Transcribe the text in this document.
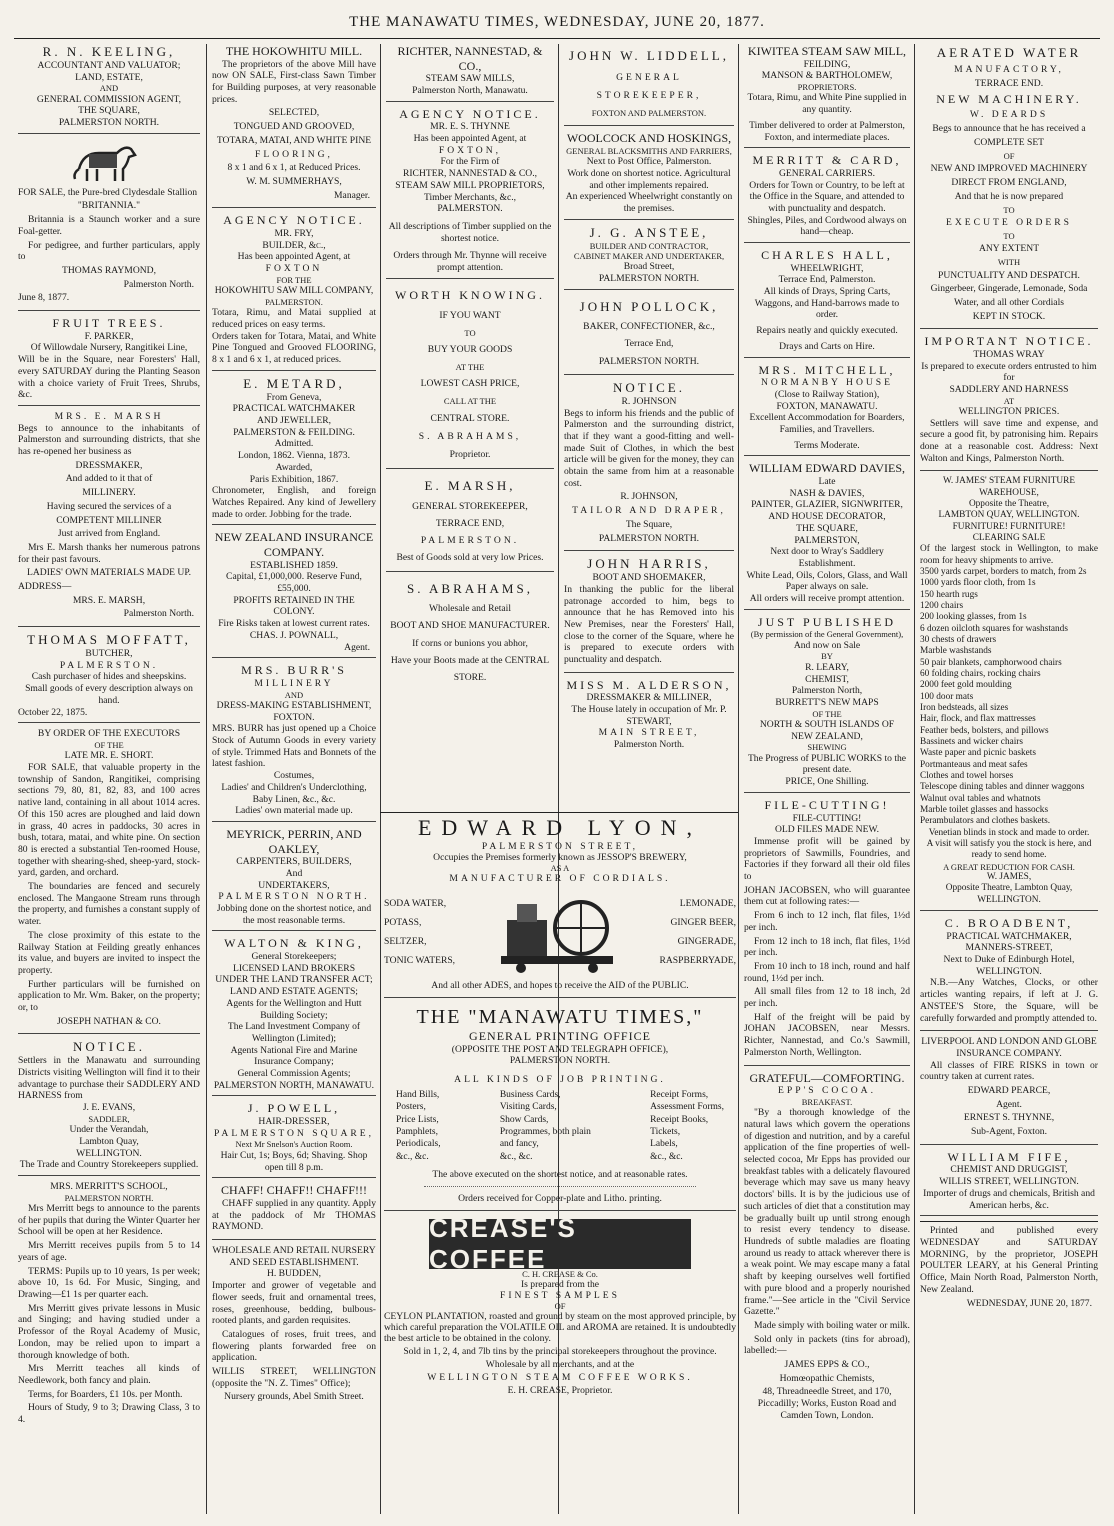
THE MANAWATU TIMES, WEDNESDAY, JUNE 20, 1877.
R. N. KEELING,
ACCOUNTANT AND VALUATOR;
LAND, ESTATE,
AND
GENERAL COMMISSION AGENT,
THE SQUARE,
PALMERSTON NORTH.

FOR SALE, the Pure-bred Clydesdale Stallion

"BRITANNIA."

Britannia is a Staunch worker and a sure Foal-getter.

For pedigree, and further particulars, apply to

THOMAS RAYMOND,

Palmerston North.

June 8, 1877.

FRUIT TREES.
F. PARKER,
Of Willowdale Nursery, Rangitikei Line,
Will be in the Square, near Foresters' Hall, every SATURDAY during the Planting Season with a choice variety of Fruit Trees, Shrubs, &c.
MRS. E. MARSH

Begs to announce to the inhabitants of Palmerston and surrounding districts, that she has re-opened her business as

DRESSMAKER,

And added to it that of

MILLINERY.

Having secured the services of a

COMPETENT MILLINER

Just arrived from England.

Mrs E. Marsh thanks her numerous patrons for their past favours.

LADIES' OWN MATERIALS MADE UP.

ADDRESS—

MRS. E. MARSH,

Palmerston North.

THOMAS MOFFATT,
BUTCHER,
PALMERSTON.
Cash purchaser of hides and sheepskins.
Small goods of every description always on hand.
October 22, 1875.
BY ORDER OF THE EXECUTORS
OF THE
LATE MR. E. SHORT.

FOR SALE, that valuable property in the township of Sandon, Rangitikei, comprising sections 79, 80, 81, 82, 83, and 100 acres native land, containing in all about 1014 acres. Of this 150 acres are ploughed and laid down in grass, 40 acres in paddocks, 30 acres in bush, totara, matai, and white pine. On section 80 is erected a substantial Ten-roomed House, together with shearing-shed, sheep-yard, stock-yard, garden, and orchard.

The boundaries are fenced and securely enclosed. The Mangaone Stream runs through the property, and furnishes a constant supply of water.

The close proximity of this estate to the Railway Station at Feilding greatly enhances its value, and buyers are invited to inspect the property.

Further particulars will be furnished on application to Mr. Wm. Baker, on the property; or, to

JOSEPH NATHAN & CO.

NOTICE.
Settlers in the Manawatu and surrounding Districts visiting Wellington will find it to their advantage to purchase their SADDLERY AND HARNESS from
J. E. EVANS,
SADDLER,
Under the Verandah,
Lambton Quay,
WELLINGTON.
The Trade and Country Storekeepers supplied.
MRS. MERRITT'S SCHOOL,
PALMERSTON NORTH.

Mrs Merritt begs to announce to the parents of her pupils that during the Winter Quarter her School will be open at her Residence.

Mrs Merritt receives pupils from 5 to 14 years of age.

TERMS: Pupils up to 10 years, 1s per week; above 10, 1s 6d. For Music, Singing, and Drawing—£1 1s per quarter each.

Mrs Merritt gives private lessons in Music and Singing; and having studied under a Professor of the Royal Academy of Music, London, may be relied upon to impart a thorough knowledge of both.

Mrs Merritt teaches all kinds of Needlework, both fancy and plain.

Terms, for Boarders, £1 10s. per Month.

Hours of Study, 9 to 3; Drawing Class, 3 to 4.

THE HOKOWHITU MILL.

The proprietors of the above Mill have now ON SALE, First-class Sawn Timber for Building purposes, at very reasonable prices.

SELECTED,

TONGUED AND GROOVED,

TOTARA, MATAI, AND WHITE PINE

FLOORING,

8 x 1 and 6 x 1, at Reduced Prices.

W. M. SUMMERHAYS,

Manager.

AGENCY NOTICE.
MR. FRY,
BUILDER, &c.,
Has been appointed Agent, at
FOXTON
FOR THE
HOKOWHITU SAW MILL COMPANY,
PALMERSTON.
Totara, Rimu, and Matai supplied at reduced prices on easy terms.
Orders taken for Totara, Matai, and White Pine Tongued and Grooved FLOORING, 8 x 1 and 6 x 1, at reduced prices.
E. METARD,
From Geneva,
PRACTICAL WATCHMAKER
AND JEWELLER,
PALMERSTON & FEILDING.
Admitted.
London, 1862. Vienna, 1873.
Awarded,
Paris Exhibition, 1867.
Chronometer, English, and foreign Watches Repaired. Any kind of Jewellery made to order. Jobbing for the trade.
NEW ZEALAND INSURANCE COMPANY.
ESTABLISHED 1859.
Capital, £1,000,000. Reserve Fund, £55,000.
PROFITS RETAINED IN THE COLONY.
Fire Risks taken at lowest current rates.
CHAS. J. POWNALL,
Agent.
MRS. BURR'S
MILLINERY
AND
DRESS-MAKING ESTABLISHMENT,
FOXTON.
MRS. BURR has just opened up a Choice Stock of Autumn Goods in every variety of style. Trimmed Hats and Bonnets of the latest fashion.
Costumes,
Ladies' and Children's Underclothing, Baby Linen, &c., &c.
Ladies' own material made up.
MEYRICK, PERRIN, AND OAKLEY,
CARPENTERS, BUILDERS,
And
UNDERTAKERS,
PALMERSTON NORTH.
Jobbing done on the shortest notice, and the most reasonable terms.
WALTON & KING,
General Storekeepers;
LICENSED LAND BROKERS
UNDER THE LAND TRANSFER ACT;
LAND AND ESTATE AGENTS;
Agents for the Wellington and Hutt Building Society;
The Land Investment Company of Wellington (Limited);
Agents National Fire and Marine Insurance Company;
General Commission Agents;
PALMERSTON NORTH, MANAWATU.
J. POWELL,
HAIR-DRESSER,
PALMERSTON SQUARE,
Next Mr Snelson's Auction Room.
Hair Cut, 1s; Boys, 6d; Shaving. Shop open till 8 p.m.
CHAFF! CHAFF!! CHAFF!!!

CHAFF supplied in any quantity. Apply at the paddock of Mr THOMAS RAYMOND.

WHOLESALE AND RETAIL NURSERY
AND SEED ESTABLISHMENT.
H. BUDDEN,

Importer and grower of vegetable and flower seeds, fruit and ornamental trees, roses, greenhouse, bedding, bulbous-rooted plants, and garden requisites.

Catalogues of roses, fruit trees, and flowering plants forwarded free on application.

WILLIS STREET, WELLINGTON (opposite the "N. Z. Times" Office);

Nursery grounds, Abel Smith Street.

RICHTER, NANNESTAD, & CO.,
STEAM SAW MILLS,
Palmerston North, Manawatu.
AGENCY NOTICE.
MR. E. S. THYNNE
Has been appointed Agent, at
FOXTON,
For the Firm of
RICHTER, NANNESTAD & CO.,
STEAM SAW MILL PROPRIETORS,
Timber Merchants, &c.,
PALMERSTON.
All descriptions of Timber supplied on the shortest notice.
Orders through Mr. Thynne will receive prompt attention.
WORTH KNOWING.
IF YOU WANT
TO
BUY YOUR GOODS
AT THE
LOWEST CASH PRICE,
CALL AT THE
CENTRAL STORE.
S. ABRAHAMS,
Proprietor.
E. MARSH,
GENERAL STOREKEEPER,
TERRACE END,
PALMERSTON.
Best of Goods sold at very low Prices.
S. ABRAHAMS,
Wholesale and Retail
BOOT AND SHOE MANUFACTURER.
If corns or bunions you abhor,
Have your Boots made at the CENTRAL STORE.
JOHN W. LIDDELL,
GENERAL STOREKEEPER,
FOXTON AND PALMERSTON.
WOOLCOCK AND HOSKINGS,
GENERAL BLACKSMITHS AND FARRIERS,
Next to Post Office, Palmerston.
Work done on shortest notice. Agricultural and other implements repaired.
An experienced Wheelwright constantly on the premises.
J. G. ANSTEE,
BUILDER AND CONTRACTOR,
CABINET MAKER AND UNDERTAKER,
Broad Street,
PALMERSTON NORTH.
JOHN POLLOCK,
BAKER, CONFECTIONER, &c.,
Terrace End,
PALMERSTON NORTH.
NOTICE.
R. JOHNSON

Begs to inform his friends and the public of Palmerston and the surrounding district, that if they want a good-fitting and well-made Suit of Clothes, in which the best article will be given for the money, they can obtain the same from him at a reasonable cost.

R. JOHNSON,

TAILOR AND DRAPER,

The Square,

PALMERSTON NORTH.

JOHN HARRIS,
BOOT AND SHOEMAKER,

In thanking the public for the liberal patronage accorded to him, begs to announce that he has Removed into his New Premises, near the Foresters' Hall, close to the corner of the Square, where he is prepared to execute orders with punctuality and despatch.

MISS M. ALDERSON,
DRESSMAKER & MILLINER,
The House lately in occupation of Mr. P. STEWART,
MAIN STREET,
Palmerston North.
EDWARD LYON,
PALMERSTON STREET,
Occupies the Premises formerly known as JESSOP'S BREWERY,
AS A
MANUFACTURER OF CORDIALS.
SODA WATER,
POTASS,
SELTZER,
TONIC WATERS,
LEMONADE,
GINGER BEER,
GINGERADE,
RASPBERRYADE,
And all other ADES, and hopes to receive the AID of the PUBLIC.
THE "MANAWATU TIMES,"
GENERAL PRINTING OFFICE
(OPPOSITE THE POST AND TELEGRAPH OFFICE),
PALMERSTON NORTH.
ALL KINDS OF JOB PRINTING.
Hand Bills,
Posters,
Price Lists,
Pamphlets,
Periodicals,
&c., &c.
Business Cards,
Visiting Cards,
Show Cards,
Programmes, both plain
and fancy,
&c., &c.
Receipt Forms,
Assessment Forms,
Receipt Books,
Tickets,
Labels,
&c., &c.
The above executed on the shortest notice, and at reasonable rates.
Orders received for Copper-plate and Litho. printing.
CREASE'S COFFEE
C. H. CREASE & Co.
Is prepared from the
FINEST SAMPLES
OF

CEYLON PLANTATION, roasted and ground by steam on the most approved principle, by which careful preparation the VOLATILE OIL and AROMA are retained. It is undoubtedly the best article to be obtained in the colony.

Sold in 1, 2, 4, and 7lb tins by the principal storekeepers throughout the province.

Wholesale by all merchants, and at the

WELLINGTON STEAM COFFEE WORKS.

E. H. CREASE, Proprietor.

KIWITEA STEAM SAW MILL,
FEILDING,
MANSON & BARTHOLOMEW,
PROPRIETORS.
Totara, Rimu, and White Pine supplied in any quantity.
Timber delivered to order at Palmerston, Foxton, and intermediate places.
MERRITT & CARD,
GENERAL CARRIERS.
Orders for Town or Country, to be left at the Office in the Square, and attended to with punctuality and despatch.
Shingles, Piles, and Cordwood always on hand—cheap.
CHARLES HALL,
WHEELWRIGHT,
Terrace End, Palmerston.
All kinds of Drays, Spring Carts, Waggons, and Hand-barrows made to order.
Repairs neatly and quickly executed.
Drays and Carts on Hire.
MRS. MITCHELL,
NORMANBY HOUSE
(Close to Railway Station),
FOXTON, MANAWATU.
Excellent Accommodation for Boarders, Families, and Travellers.
Terms Moderate.
WILLIAM EDWARD DAVIES,
Late
NASH & DAVIES,
PAINTER, GLAZIER, SIGNWRITER,
AND HOUSE DECORATOR,
THE SQUARE,
PALMERSTON,
Next door to Wray's Saddlery Establishment.
White Lead, Oils, Colors, Glass, and Wall Paper always on sale.
All orders will receive prompt attention.
JUST PUBLISHED
(By permission of the General Government),
And now on Sale
BY
R. LEARY,
CHEMIST,
Palmerston North,
BURRETT'S NEW MAPS
OF THE
NORTH & SOUTH ISLANDS OF
NEW ZEALAND,
SHEWING
The Progress of PUBLIC WORKS to the present date.
PRICE, One Shilling.
FILE-CUTTING!
FILE-CUTTING!
OLD FILES MADE NEW.

Immense profit will be gained by proprietors of Sawmills, Foundries, and Factories if they forward all their old files to

JOHAN JACOBSEN, who will guarantee them cut at following rates:—

From 6 inch to 12 inch, flat files, 1½d per inch.

From 12 inch to 18 inch, flat files, 1½d per inch.

From 10 inch to 18 inch, round and half round, 1½d per inch.

All small files from 12 to 18 inch, 2d per inch.

Half of the freight will be paid by JOHAN JACOBSEN, near Messrs. Richter, Nannestad, and Co.'s Sawmill, Palmerston North, Wellington.

GRATEFUL—COMFORTING.
EPP'S COCOA.
BREAKFAST.

"By a thorough knowledge of the natural laws which govern the operations of digestion and nutrition, and by a careful application of the fine properties of well-selected cocoa, Mr Epps has provided our breakfast tables with a delicately flavoured beverage which may save us many heavy doctors' bills. It is by the judicious use of such articles of diet that a constitution may be gradually built up until strong enough to resist every tendency to disease. Hundreds of subtle maladies are floating around us ready to attack wherever there is a weak point. We may escape many a fatal shaft by keeping ourselves well fortified with pure blood and a properly nourished frame."—See article in the "Civil Service Gazette."

Made simply with boiling water or milk.

Sold only in packets (tins for abroad), labelled:—

JAMES EPPS & CO.,

Homœopathic Chemists,

48, Threadneedle Street, and 170, Piccadilly; Works, Euston Road and Camden Town, London.

AERATED WATER
MANUFACTORY,
TERRACE END.
NEW MACHINERY.
W. DEARDS
Begs to announce that he has received a
COMPLETE SET
OF
NEW AND IMPROVED MACHINERY
DIRECT FROM ENGLAND,
And that he is now prepared
TO
EXECUTE ORDERS
TO
ANY EXTENT
WITH
PUNCTUALITY AND DESPATCH.
Gingerbeer, Gingerade, Lemonade, Soda Water, and all other Cordials
KEPT IN STOCK.
IMPORTANT NOTICE.
THOMAS WRAY
Is prepared to execute orders entrusted to him for
SADDLERY AND HARNESS
AT
WELLINGTON PRICES.

Settlers will save time and expense, and secure a good fit, by patronising him. Repairs done at a reasonable cost. Address: Next Walton and Kings, Palmerston North.

W. JAMES' STEAM FURNITURE WAREHOUSE,
Opposite the Theatre,
LAMBTON QUAY, WELLINGTON.
FURNITURE! FURNITURE!
CLEARING SALE
Of the largest stock in Wellington, to make room for heavy shipments to arrive.
3500 yards carpet, borders to match, from 2s
1000 yards floor cloth, from 1s
150 hearth rugs
1200 chairs
200 looking glasses, from 1s
6 dozen oilcloth squares for washstands
30 chests of drawers
Marble washstands
50 pair blankets, camphorwood chairs
60 folding chairs, rocking chairs
2000 feet gold moulding
100 door mats
Iron bedsteads, all sizes
Hair, flock, and flax mattresses
Feather beds, bolsters, and pillows
Bassinets and wicker chairs
Waste paper and picnic baskets
Portmanteaus and meat safes
Clothes and towel horses
Telescope dining tables and dinner waggons
Walnut oval tables and whatnots
Marble toilet glasses and hassocks
Perambulators and clothes baskets.
Venetian blinds in stock and made to order.
A visit will satisfy you the stock is here, and ready to send home.
A GREAT REDUCTION FOR CASH.
W. JAMES,
Opposite Theatre, Lambton Quay,
WELLINGTON.
C. BROADBENT,
PRACTICAL WATCHMAKER,
MANNERS-STREET,
Next to Duke of Edinburgh Hotel,
WELLINGTON.

N.B.—Any Watches, Clocks, or other articles wanting repairs, if left at J. G. ANSTEE'S Store, the Square, will be carefully forwarded and promptly attended to.

LIVERPOOL AND LONDON AND GLOBE INSURANCE COMPANY.

All classes of FIRE RISKS in town or country taken at current rates.

EDWARD PEARCE,

Agent.

ERNEST S. THYNNE,

Sub-Agent, Foxton.

WILLIAM FIFE,
CHEMIST AND DRUGGIST,
WILLIS STREET, WELLINGTON.
Importer of drugs and chemicals, British and American herbs, &c.

Printed and published every WEDNESDAY and SATURDAY MORNING, by the proprietor, JOSEPH POULTER LEARY, at his General Printing Office, Main North Road, Palmerston North, New Zealand.

WEDNESDAY, JUNE 20, 1877.
